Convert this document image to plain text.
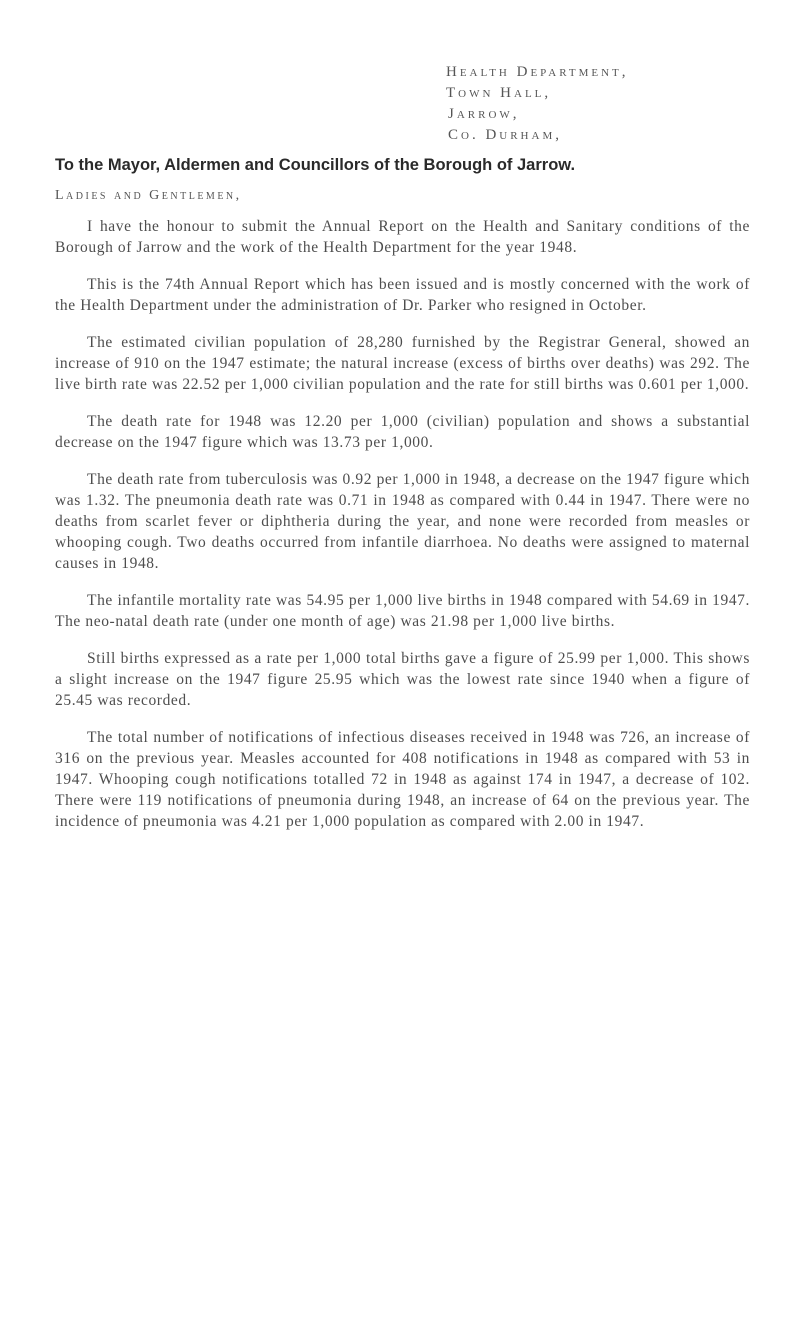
Health Department,
Town Hall,
Jarrow,
Co. Durham,
To the Mayor, Aldermen and Councillors of the Borough of Jarrow.
Ladies and Gentlemen,

I have the honour to submit the Annual Report on the Health and Sanitary conditions of the Borough of Jarrow and the work of the Health Department for the year 1948.

This is the 74th Annual Report which has been issued and is mostly concerned with the work of the Health Department under the administration of Dr. Parker who resigned in October.

The estimated civilian population of 28,280 furnished by the Registrar General, showed an increase of 910 on the 1947 estimate; the natural increase (excess of births over deaths) was 292. The live birth rate was 22.52 per 1,000 civilian population and the rate for still births was 0.601 per 1,000.

The death rate for 1948 was 12.20 per 1,000 (civilian) population and shows a substantial decrease on the 1947 figure which was 13.73 per 1,000.

The death rate from tuberculosis was 0.92 per 1,000 in 1948, a decrease on the 1947 figure which was 1.32. The pneumonia death rate was 0.71 in 1948 as compared with 0.44 in 1947. There were no deaths from scarlet fever or diphtheria during the year, and none were recorded from measles or whooping cough. Two deaths occurred from infantile diarrhoea. No deaths were assigned to maternal causes in 1948.

The infantile mortality rate was 54.95 per 1,000 live births in 1948 compared with 54.69 in 1947. The neo-natal death rate (under one month of age) was 21.98 per 1,000 live births.

Still births expressed as a rate per 1,000 total births gave a figure of 25.99 per 1,000. This shows a slight increase on the 1947 figure 25.95 which was the lowest rate since 1940 when a figure of 25.45 was recorded.

The total number of notifications of infectious diseases received in 1948 was 726, an increase of 316 on the previous year. Measles accounted for 408 notifications in 1948 as compared with 53 in 1947. Whooping cough notifications totalled 72 in 1948 as against 174 in 1947, a decrease of 102. There were 119 notifications of pneumonia during 1948, an increase of 64 on the previous year. The incidence of pneumonia was 4.21 per 1,000 population as compared with 2.00 in 1947.
